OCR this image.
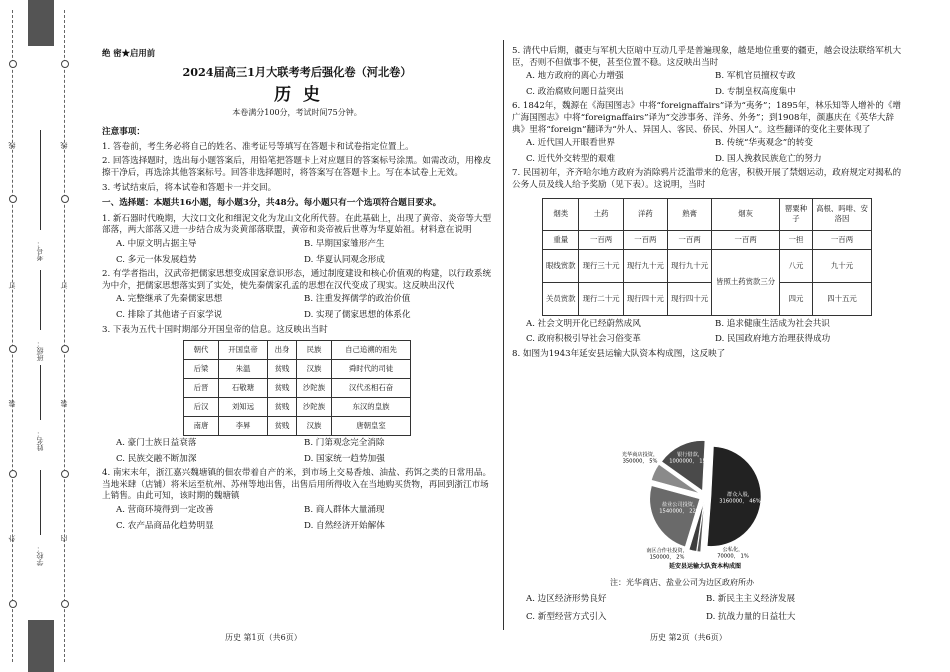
线
订
装
外
线
订
装
内
考号：
班级：
姓名：
学校：
绝 密★启用前
2024届高三1月大联考考后强化卷（河北卷）
历  史
本卷满分100分，考试时间75分钟。
注意事项：

1. 答卷前，考生务必将自己的姓名、准考证号等填写在答题卡和试卷指定位置上。

2. 回答选择题时，选出每小题答案后，用铅笔把答题卡上对应题目的答案标号涂黑。如需改动，用橡皮擦干净后，再选涂其他答案标号。回答非选择题时，将答案写在答题卡上。写在本试卷上无效。

3. 考试结束后，将本试卷和答题卡一并交回。

一、选择题：本题共16小题，每小题3分，共48分。每小题只有一个选项符合题目要求。

1. 新石器时代晚期，大汶口文化和细泥文化为龙山文化所代替。在此基础上，出现了黄帝、炎帝等大型部落，两大部落又进一步结合成为炎黄部落联盟，黄帝和炎帝被后世尊为华夏始祖。材料意在说明

A. 中原文明占据主导	B. 早期国家雏形产生
C. 多元一体发展趋势	D. 华夏认同观念形成

2. 有学者指出，汉武帝把儒家思想变成国家意识形态，通过制度建设和核心价值观的构建，以行政系统为中介，把儒家思想落实到了实处，使先秦儒家孔孟的思想在汉代变成了现实。这反映出汉代

A. 完整继承了先秦儒家思想	B. 注重发挥儒学的政治价值
C. 排除了其他诸子百家学说	D. 实现了儒家思想的体系化

3. 下表为五代十国时期部分开国皇帝的信息。这反映出当时

朝代	开国皇帝	出身	民族	自己追溯的祖先
后梁	朱温	贫贱	汉族	舜时代的司徒
后晋	石敬瑭	贫贱	沙陀族	汉代丞相石奋
后汉	刘知远	贫贱	沙陀族	东汉的皇族
南唐	李昪	贫贱	汉族	唐朝皇室
A. 豪门士族日益衰落	B. 门第观念完全消除
C. 民族交融不断加深	D. 国家统一趋势加强

4. 南宋末年，浙江嘉兴魏塘镇的佃农带着自产的米，到市场上交易香烛、油盐、药饵之类的日常用品。当地米肆（店铺）将米运至杭州、苏州等地出售，出售后用所得收入在当地购买货物，再回到浙江市场上销售。由此可知，该时期的魏塘镇

A. 营商环境得到一定改善	B. 商人群体大量涌现
C. 农产品商品化趋势明显	D. 自然经济开始解体
历史 第1页（共6页）

5. 清代中后期，疆吏与军机大臣暗中互动几乎是普遍现象，越是地位重要的疆吏，越会设法联络军机大臣，否则不但做事不便，甚至位置不稳。这反映出当时

A. 地方政府的离心力增强	B. 军机官员擅权专政
C. 政治腐败问题日益突出	D. 专制皇权高度集中

6. 1842年，魏源在《海国图志》中将“foreignaffairs”译为“夷务”；1895年，林乐知等人增补的《增广海国图志》中将“foreignaffairs”译为“交涉事务、洋务、外务”；到1908年，颜惠庆在《英华大辞典》里将“foreign”翻译为“外人、异国人、客民、侨民、外国人”。这些翻译的变化主要体现了

A. 近代国人开眼看世界	B. 传统“华夷观念”的转变
C. 近代外交转型的艰难	D. 国人挽救民族危亡的努力

7. 民国初年，齐齐哈尔地方政府为消除鸦片泛滥带来的危害，积极开展了禁烟运动，政府规定对揭私的公务人员及线人给予奖励（见下表）。这说明，当时

烟类	土药	洋药	熟膏	烟灰	罂粟种子	高根、吗啡、安洛因
重量	一百两	一百两	一百两	一百两	一担	一百两
眼线赏款	现行三十元	现行九十元	现行九十元	皆照土药赏款三分	八元	九十元
关员赏款	现行二十元	现行四十元	现行四十元		四元	四十五元
A. 社会文明开化已经蔚然成风	B. 追求健康生活成为社会共识
C. 政府积极引导社会习俗变革	D. 民国政府地方治理获得成功

8. 如图为1943年延安县运输大队资本构成图，这反映了

群众入股， 3160000， 46%
公私化， 70000， 1%
南区合作社投资， 150000， 2%
盐业公司投资， 1540000， 22%
光华商店投资， 350000， 5%
银行借款， 1000000， 15%
延安县运输大队资本构成图
注：光华商店、盐业公司为边区政府所办
A. 边区经济形势良好	B. 新民主主义经济发展
C. 新型经营方式引入	D. 抗战力量的日益壮大
历史 第2页（共6页）
